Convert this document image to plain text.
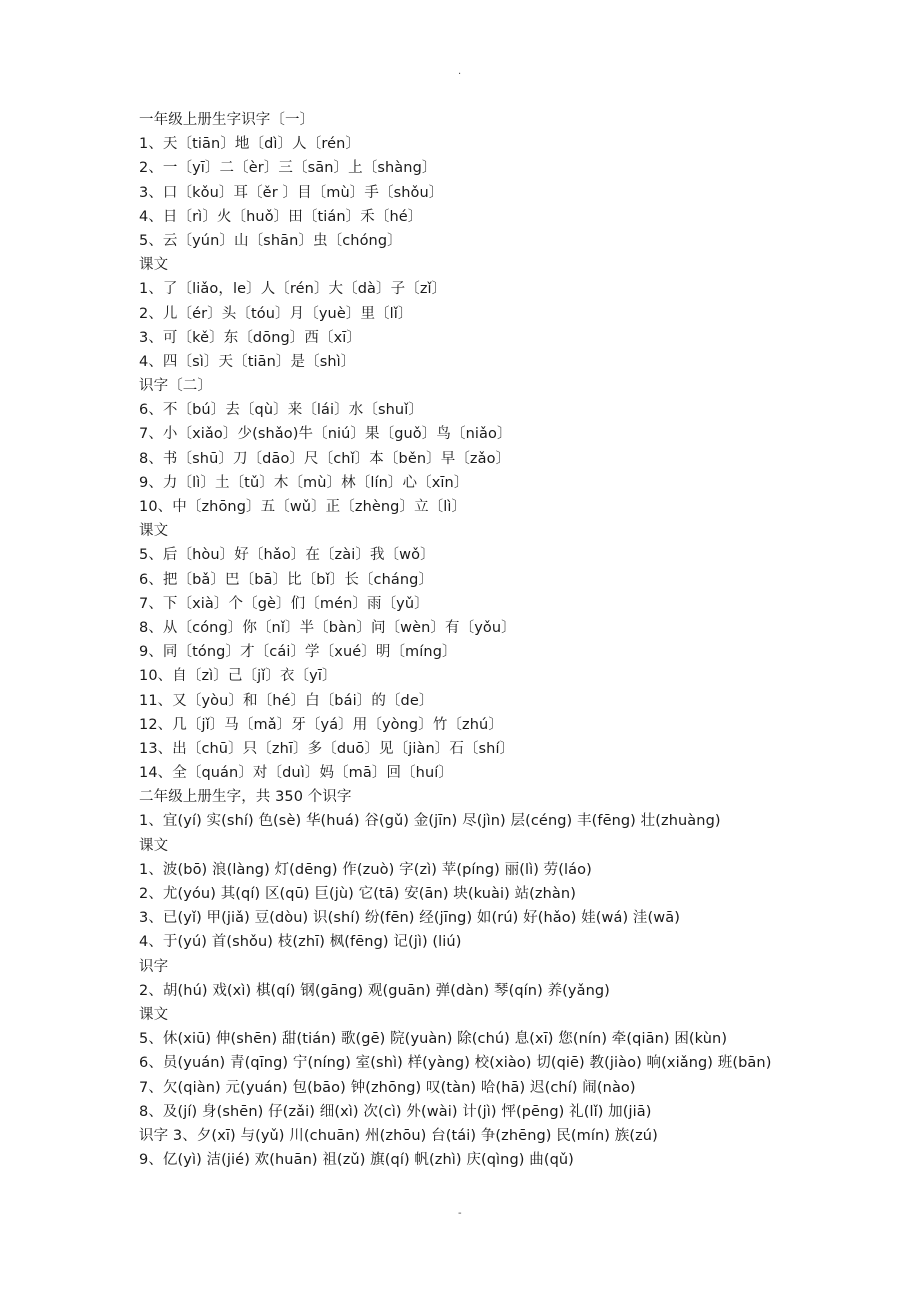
.
一年级上册生字识字〔一〕
1、天〔tiān〕地〔dì〕人〔rén〕
2、一〔yī〕二〔èr〕三〔sān〕上〔shàng〕
3、口〔kǒu〕耳〔ěr 〕目〔mù〕手〔shǒu〕
4、日〔rì〕火〔huǒ〕田〔tián〕禾〔hé〕
5、云〔yún〕山〔shān〕虫〔chóng〕
课文
1、了〔liǎo，le〕人〔rén〕大〔dà〕子〔zǐ〕
2、儿〔ér〕头〔tóu〕月〔yuè〕里〔lǐ〕
3、可〔kě〕东〔dōng〕西〔xī〕
4、四〔sì〕天〔tiān〕是〔shì〕
识字〔二〕
6、不〔bú〕去〔qù〕来〔lái〕水〔shuǐ〕
7、小〔xiǎo〕少(shǎo)牛〔niú〕果〔guǒ〕鸟〔niǎo〕
8、书〔shū〕刀〔dāo〕尺〔chǐ〕本〔běn〕早〔zǎo〕
9、力〔lì〕土〔tǔ〕木〔mù〕林〔lín〕心〔xīn〕
10、中〔zhōng〕五〔wǔ〕正〔zhèng〕立〔lì〕
课文
5、后〔hòu〕好〔hǎo〕在〔zài〕我〔wǒ〕
6、把〔bǎ〕巴〔bā〕比〔bǐ〕长〔cháng〕
7、下〔xià〕个〔gè〕们〔mén〕雨〔yǔ〕
8、从〔cóng〕你〔nǐ〕半〔bàn〕问〔wèn〕有〔yǒu〕
9、同〔tóng〕才〔cái〕学〔xué〕明〔míng〕
10、自〔zì〕己〔jǐ〕衣〔yī〕
11、又〔yòu〕和〔hé〕白〔bái〕的〔de〕
12、几〔jǐ〕马〔mǎ〕牙〔yá〕用〔yòng〕竹〔zhú〕
13、出〔chū〕只〔zhī〕多〔duō〕见〔jiàn〕石〔shí〕
14、全〔quán〕对〔duì〕妈〔mā〕回〔huí〕
二年级上册生字，共 350 个识字
1、宜(yí) 实(shí) 色(sè) 华(huá) 谷(gǔ) 金(jīn) 尽(jìn) 层(céng) 丰(fēng) 壮(zhuàng)
课文
1、波(bō) 浪(làng) 灯(dēng) 作(zuò) 字(zì) 苹(píng) 丽(lì) 劳(láo)
2、尤(yóu) 其(qí) 区(qū) 巨(jù) 它(tā) 安(ān) 块(kuài) 站(zhàn)
3、已(yǐ) 甲(jiǎ) 豆(dòu) 识(shí) 纷(fēn) 经(jīng) 如(rú) 好(hǎo) 娃(wá) 洼(wā)
4、于(yú) 首(shǒu) 枝(zhī) 枫(fēng) 记(jì) (liú)
识字
2、胡(hú) 戏(xì) 棋(qí) 钢(gāng) 观(guān) 弹(dàn) 琴(qín) 养(yǎng)
课文
5、休(xiū) 伸(shēn) 甜(tián) 歌(gē) 院(yuàn) 除(chú) 息(xī) 您(nín) 牵(qiān) 困(kùn)
6、员(yuán) 青(qīng) 宁(níng) 室(shì) 样(yàng) 校(xiào) 切(qiē) 教(jiào) 响(xiǎng) 班(bān)
7、欠(qiàn) 元(yuán) 包(bāo) 钟(zhōng) 叹(tàn) 哈(hā) 迟(chí) 闹(nào)
8、及(jí) 身(shēn) 仔(zǎi) 细(xì) 次(cì) 外(wài) 计(jì) 怦(pēng) 礼(lǐ) 加(jiā)
识字 3、夕(xī) 与(yǔ) 川(chuān) 州(zhōu) 台(tái) 争(zhēng) 民(mín) 族(zú)
9、亿(yì) 洁(jié) 欢(huān) 祖(zǔ) 旗(qí) 帆(zhì) 庆(qìng) 曲(qǔ)
-
